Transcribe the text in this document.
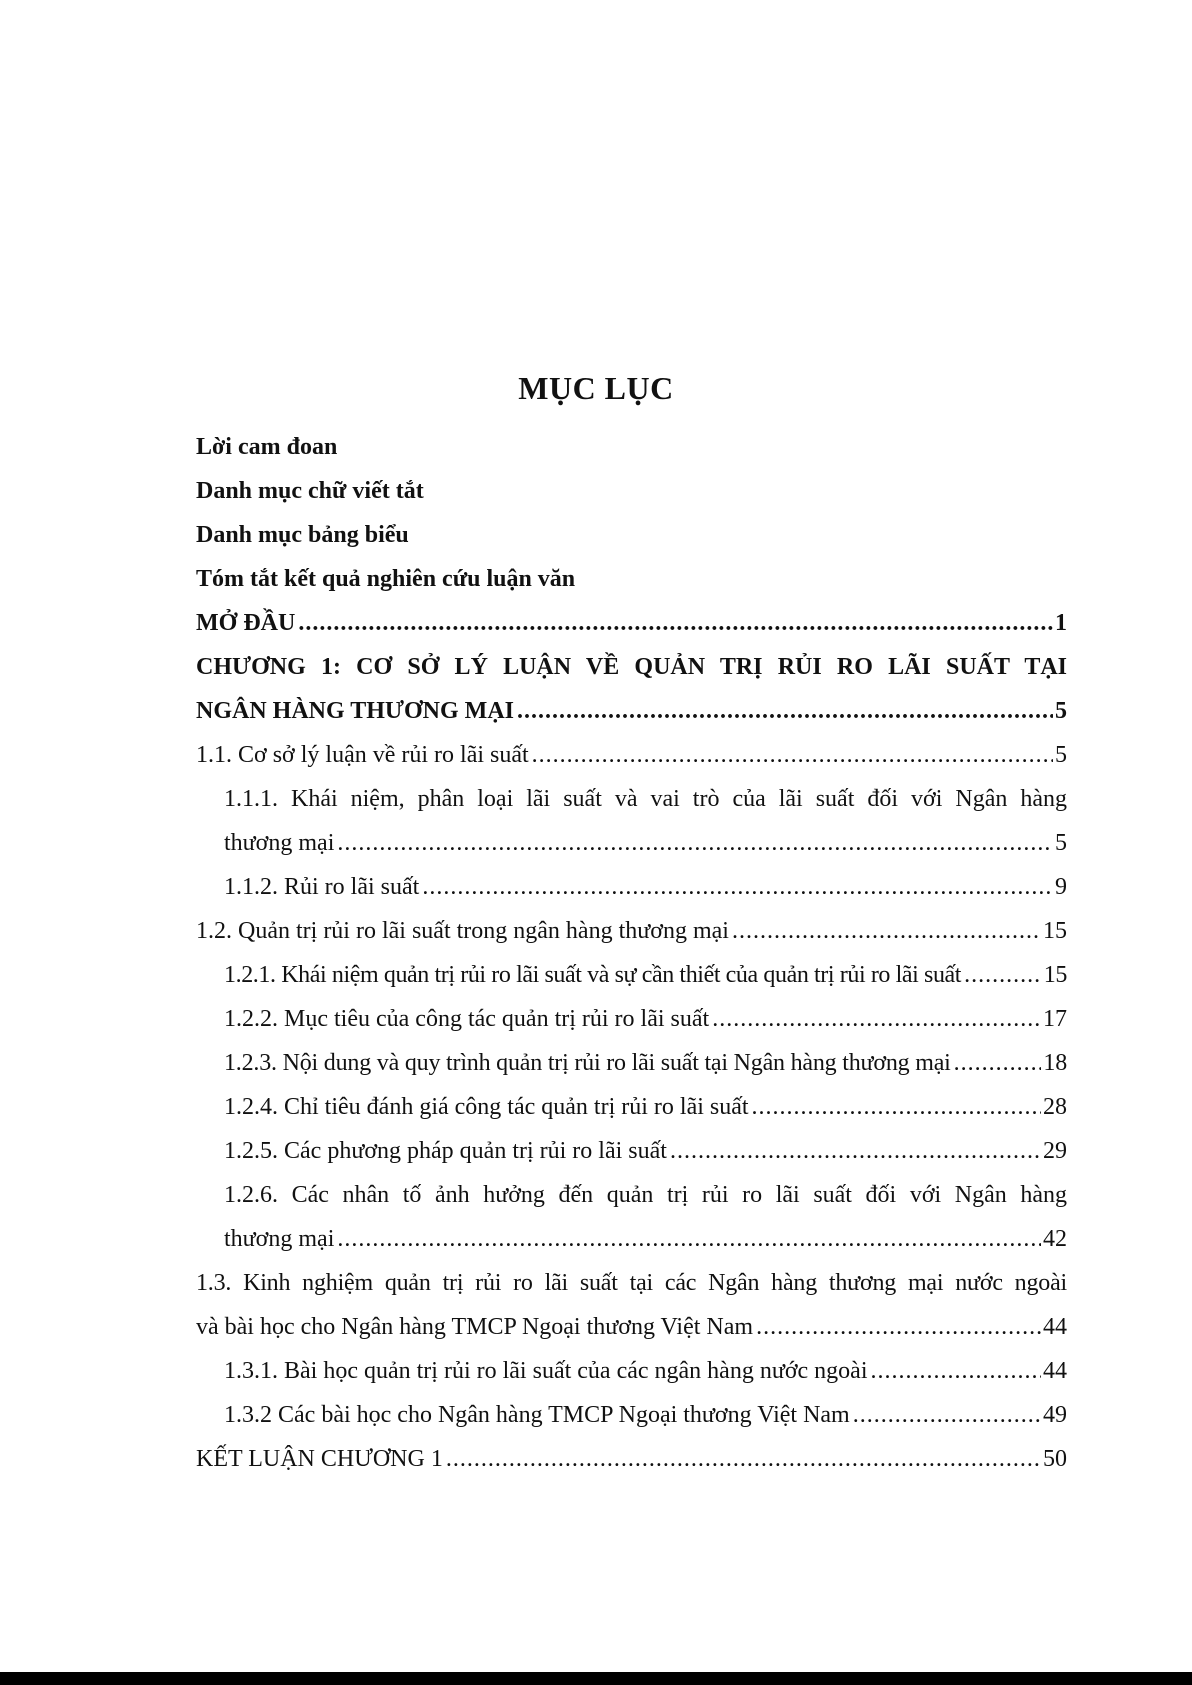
MỤC LỤC
Lời cam đoan
Danh mục chữ viết tắt
Danh mục bảng biểu
Tóm tắt kết quả nghiên cứu luận văn
MỞ ĐẦU .....	1
CHƯƠNG 1: CƠ SỞ LÝ LUẬN VỀ QUẢN TRỊ RỦI RO LÃI SUẤT TẠI
NGÂN HÀNG THƯƠNG MẠI .....	5
1.1. Cơ sở lý luận về rủi ro lãi suất .....	5
1.1.1. Khái niệm, phân loại lãi suất và vai trò của lãi suất đối với Ngân hàng
thương mại .....	5
1.1.2. Rủi ro lãi suất .....	9
1.2. Quản trị rủi ro lãi suất trong ngân hàng thương mại .....	15
1.2.1. Khái niệm quản trị rủi ro lãi suất và sự cần thiết của quản trị rủi ro lãi suất .....	15
1.2.2. Mục tiêu của công tác quản trị rủi ro lãi suất .....	17
1.2.3. Nội dung và quy trình quản trị rủi ro lãi suất tại Ngân hàng thương mại .....	18
1.2.4. Chỉ tiêu đánh giá công tác quản trị rủi ro lãi suất .....	28
1.2.5. Các phương pháp quản trị rủi ro lãi suất .....	29
1.2.6. Các nhân tố ảnh hưởng đến quản trị rủi ro lãi suất đối với Ngân hàng
thương mại .....	42
1.3. Kinh nghiệm quản trị rủi ro lãi suất tại các Ngân hàng thương mại nước ngoài
và bài học cho Ngân hàng TMCP Ngoại thương Việt Nam .....	44
1.3.1. Bài học quản trị rủi ro lãi suất của các ngân hàng nước ngoài .....	44
1.3.2 Các bài học cho Ngân hàng TMCP Ngoại thương Việt Nam .....	49
KẾT LUẬN CHƯƠNG 1 .....	50
